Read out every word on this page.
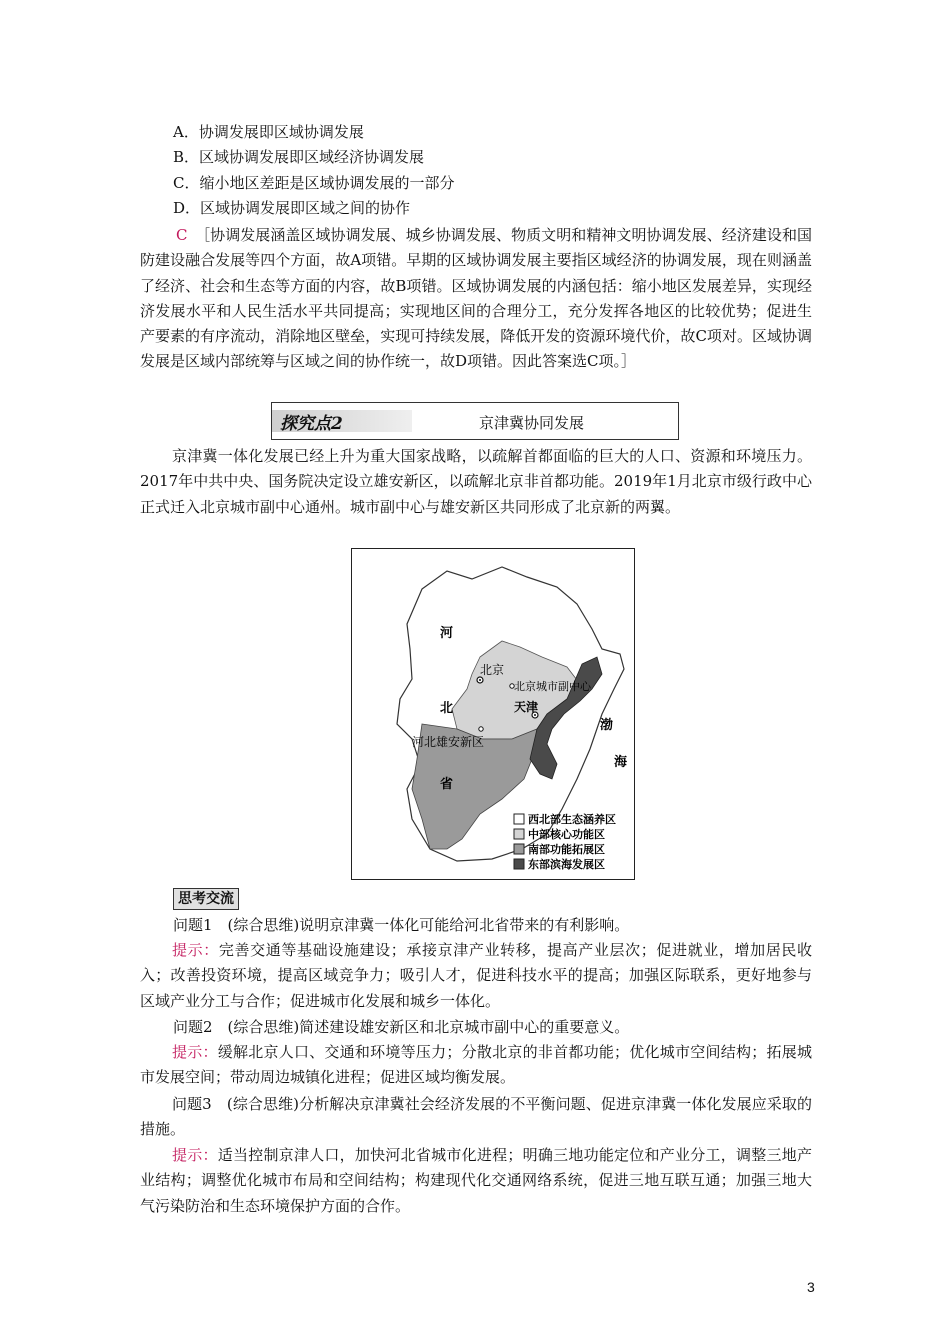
A．协调发展即区域协调发展
B．区域协调发展即区域经济协调发展
C．缩小地区差距是区域协调发展的一部分
D．区域协调发展即区域之间的协作
C　 ［协调发展涵盖区域协调发展、城乡协调发展、物质文明和精神文明协调发展、经济建设和国防建设融合发展等四个方面，故A项错。早期的区域协调发展主要指区域经济的协调发展，现在则涵盖了经济、社会和生态等方面的内容，故B项错。区域协调发展的内涵包括：缩小地区发展差异，实现经济发展水平和人民生活水平共同提高；实现地区间的合理分工，充分发挥各地区的比较优势；促进生产要素的有序流动，消除地区壁垒，实现可持续发展，降低开发的资源环境代价，故C项对。区域协调发展是区域内部统筹与区域之间的协作统一，故D项错。因此答案选C项。］
探究点2	京津冀协同发展
京津冀一体化发展已经上升为重大国家战略，以疏解首都面临的巨大的人口、资源和环境压力。2017年中共中央、国务院决定设立雄安新区，以疏解北京非首都功能。2019年1月北京市级行政中心正式迁入北京城市副中心通州。城市副中心与雄安新区共同形成了北京新的两翼。
河
北
省
北京
北京城市副中心
天津
河北雄安新区
渤
海
西北部生态涵养区
中部核心功能区
南部功能拓展区
东部滨海发展区
思考交流
问题1　(综合思维)说明京津冀一体化可能给河北省带来的有利影响。
提示：完善交通等基础设施建设；承接京津产业转移，提高产业层次；促进就业，增加居民收入；改善投资环境，提高区域竞争力；吸引人才，促进科技水平的提高；加强区际联系，更好地参与区域产业分工与合作；促进城市化发展和城乡一体化。
问题2　(综合思维)简述建设雄安新区和北京城市副中心的重要意义。
提示：缓解北京人口、交通和环境等压力；分散北京的非首都功能；优化城市空间结构；拓展城市发展空间；带动周边城镇化进程；促进区域均衡发展。
问题3　(综合思维)分析解决京津冀社会经济发展的不平衡问题、促进京津冀一体化发展应采取的措施。
提示：适当控制京津人口，加快河北省城市化进程；明确三地功能定位和产业分工，调整三地产业结构；调整优化城市布局和空间结构；构建现代化交通网络系统，促进三地互联互通；加强三地大气污染防治和生态环境保护方面的合作。
3
